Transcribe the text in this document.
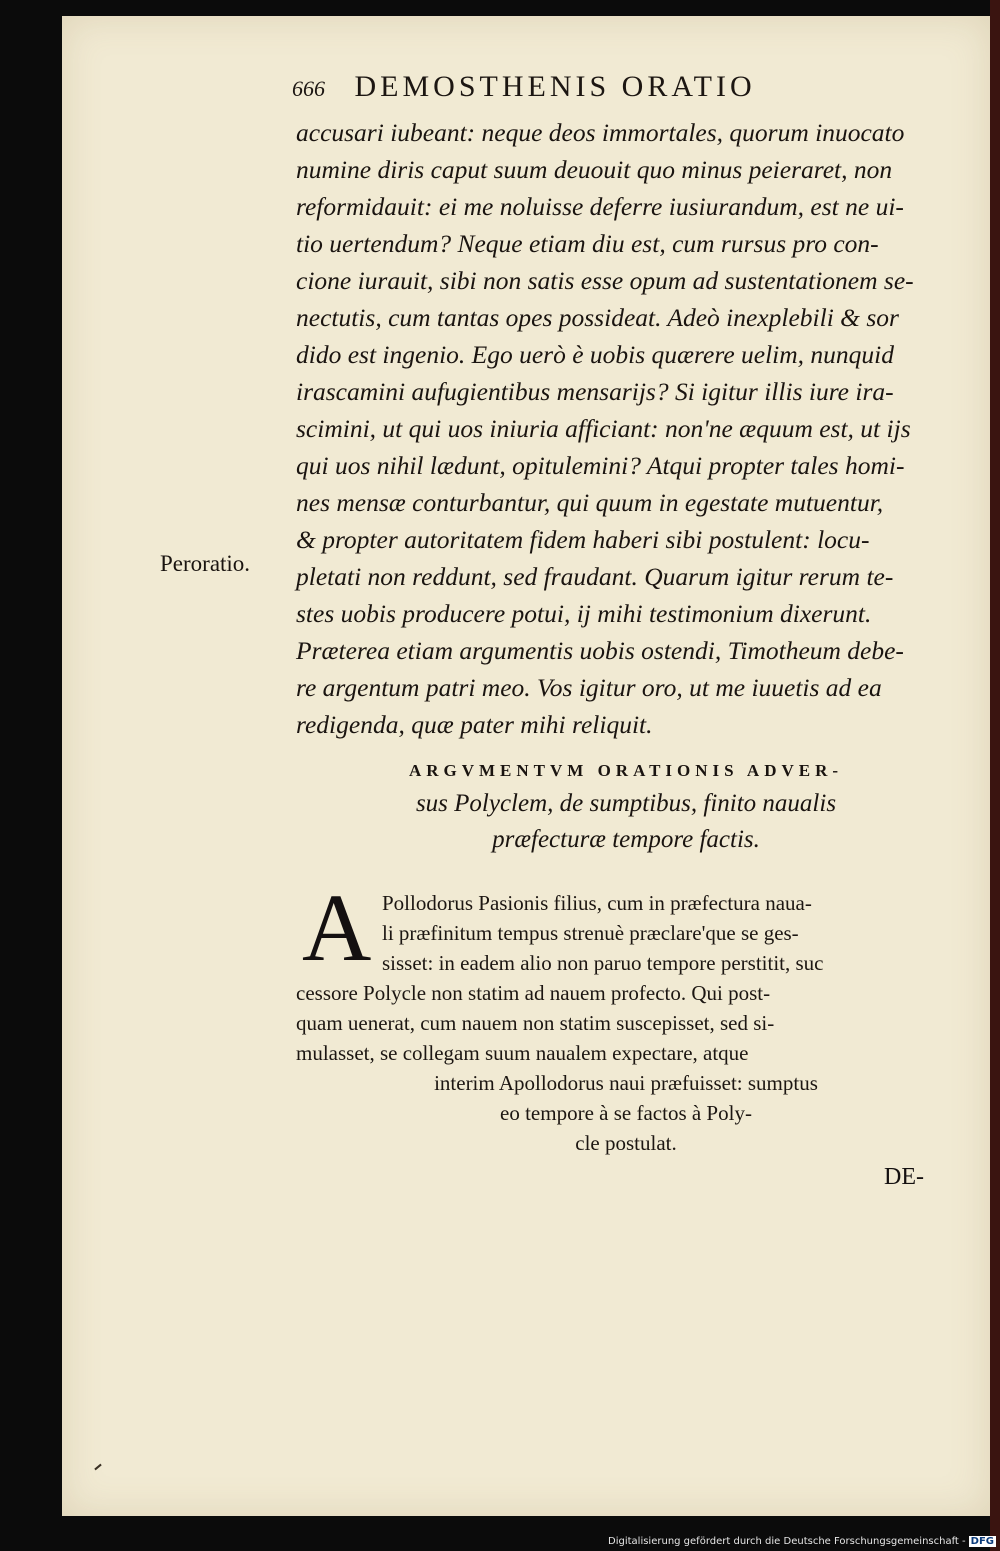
666 DEMOSTHENIS ORATIO
accusari iubeant: neque deos immortales, quorum inuocato
numine diris caput suum deuouit quo minus peieraret, non
reformidauit: ei me noluisse deferre iusiurandum, est ne ui-
tio uertendum? Neque etiam diu est, cum rursus pro con-
cione iurauit, sibi non satis esse opum ad sustentationem se-
nectutis, cum tantas opes possideat. Adeò inexplebili & sor
dido est ingenio. Ego uerò è uobis quærere uelim, nunquid
irascamini aufugientibus mensarijs? Si igitur illis iure ira-
scimini, ut qui uos iniuria afficiant: non'ne æquum est, ut ijs
qui uos nihil lædunt, opitulemini? Atqui propter tales homi-
nes mensæ conturbantur, qui quum in egestate mutuentur,
& propter autoritatem fidem haberi sibi postulent: locu-
pletati non reddunt, sed fraudant. Quarum igitur rerum te-
stes uobis producere potui, ij mihi testimonium dixerunt.
Præterea etiam argumentis uobis ostendi, Timotheum debe-
re argentum patri meo. Vos igitur oro, ut me iuuetis ad ea
redigenda, quæ pater mihi reliquit.
Peroratio.
ARGVMENTVM ORATIONIS ADVER-
sus Polyclem, de sumptibus, finito naualis
præfecturæ tempore factis.
A Pollodorus Pasionis filius, cum in præfectura naua-
li præfinitum tempus strenuè præclare'que se ges-
sisset: in eadem alio non paruo tempore perstitit, suc
cessore Polycle non statim ad nauem profecto. Qui post-
quam uenerat, cum nauem non statim suscepisset, sed si-
mulasset, se collegam suum naualem expectare, atque
interim Apollodorus naui præfuisset: sumptus
eo tempore à se factos à Poly-
cle postulat.
DE-
Digitalisierung gefördert durch die Deutsche Forschungsgemeinschaft - DFG
